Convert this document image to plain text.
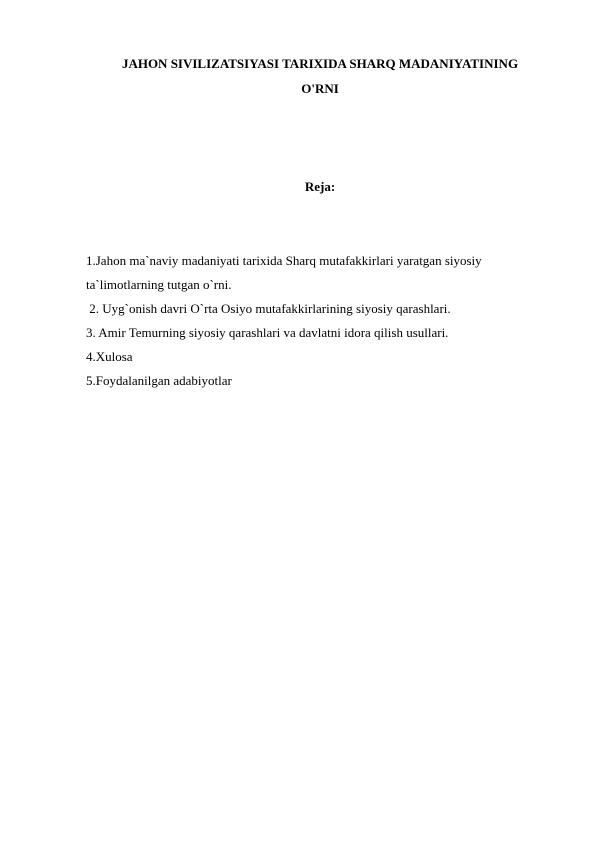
JAHON SIVILIZATSIYASI TARIXIDA SHARQ MADANIYATINING
O'RNI
Reja:
1.Jahon ma`naviy madaniyati tarixida Sharq mutafakkirlari yaratgan siyosiy
ta`limotlarning tutgan o`rni.
2. Uyg`onish davri O`rta Osiyo mutafakkirlarining siyosiy qarashlari.
3. Amir Temurning siyosiy qarashlari va davlatni idora qilish usullari.
4.Xulosa
5.Foydalanilgan adabiyotlar
